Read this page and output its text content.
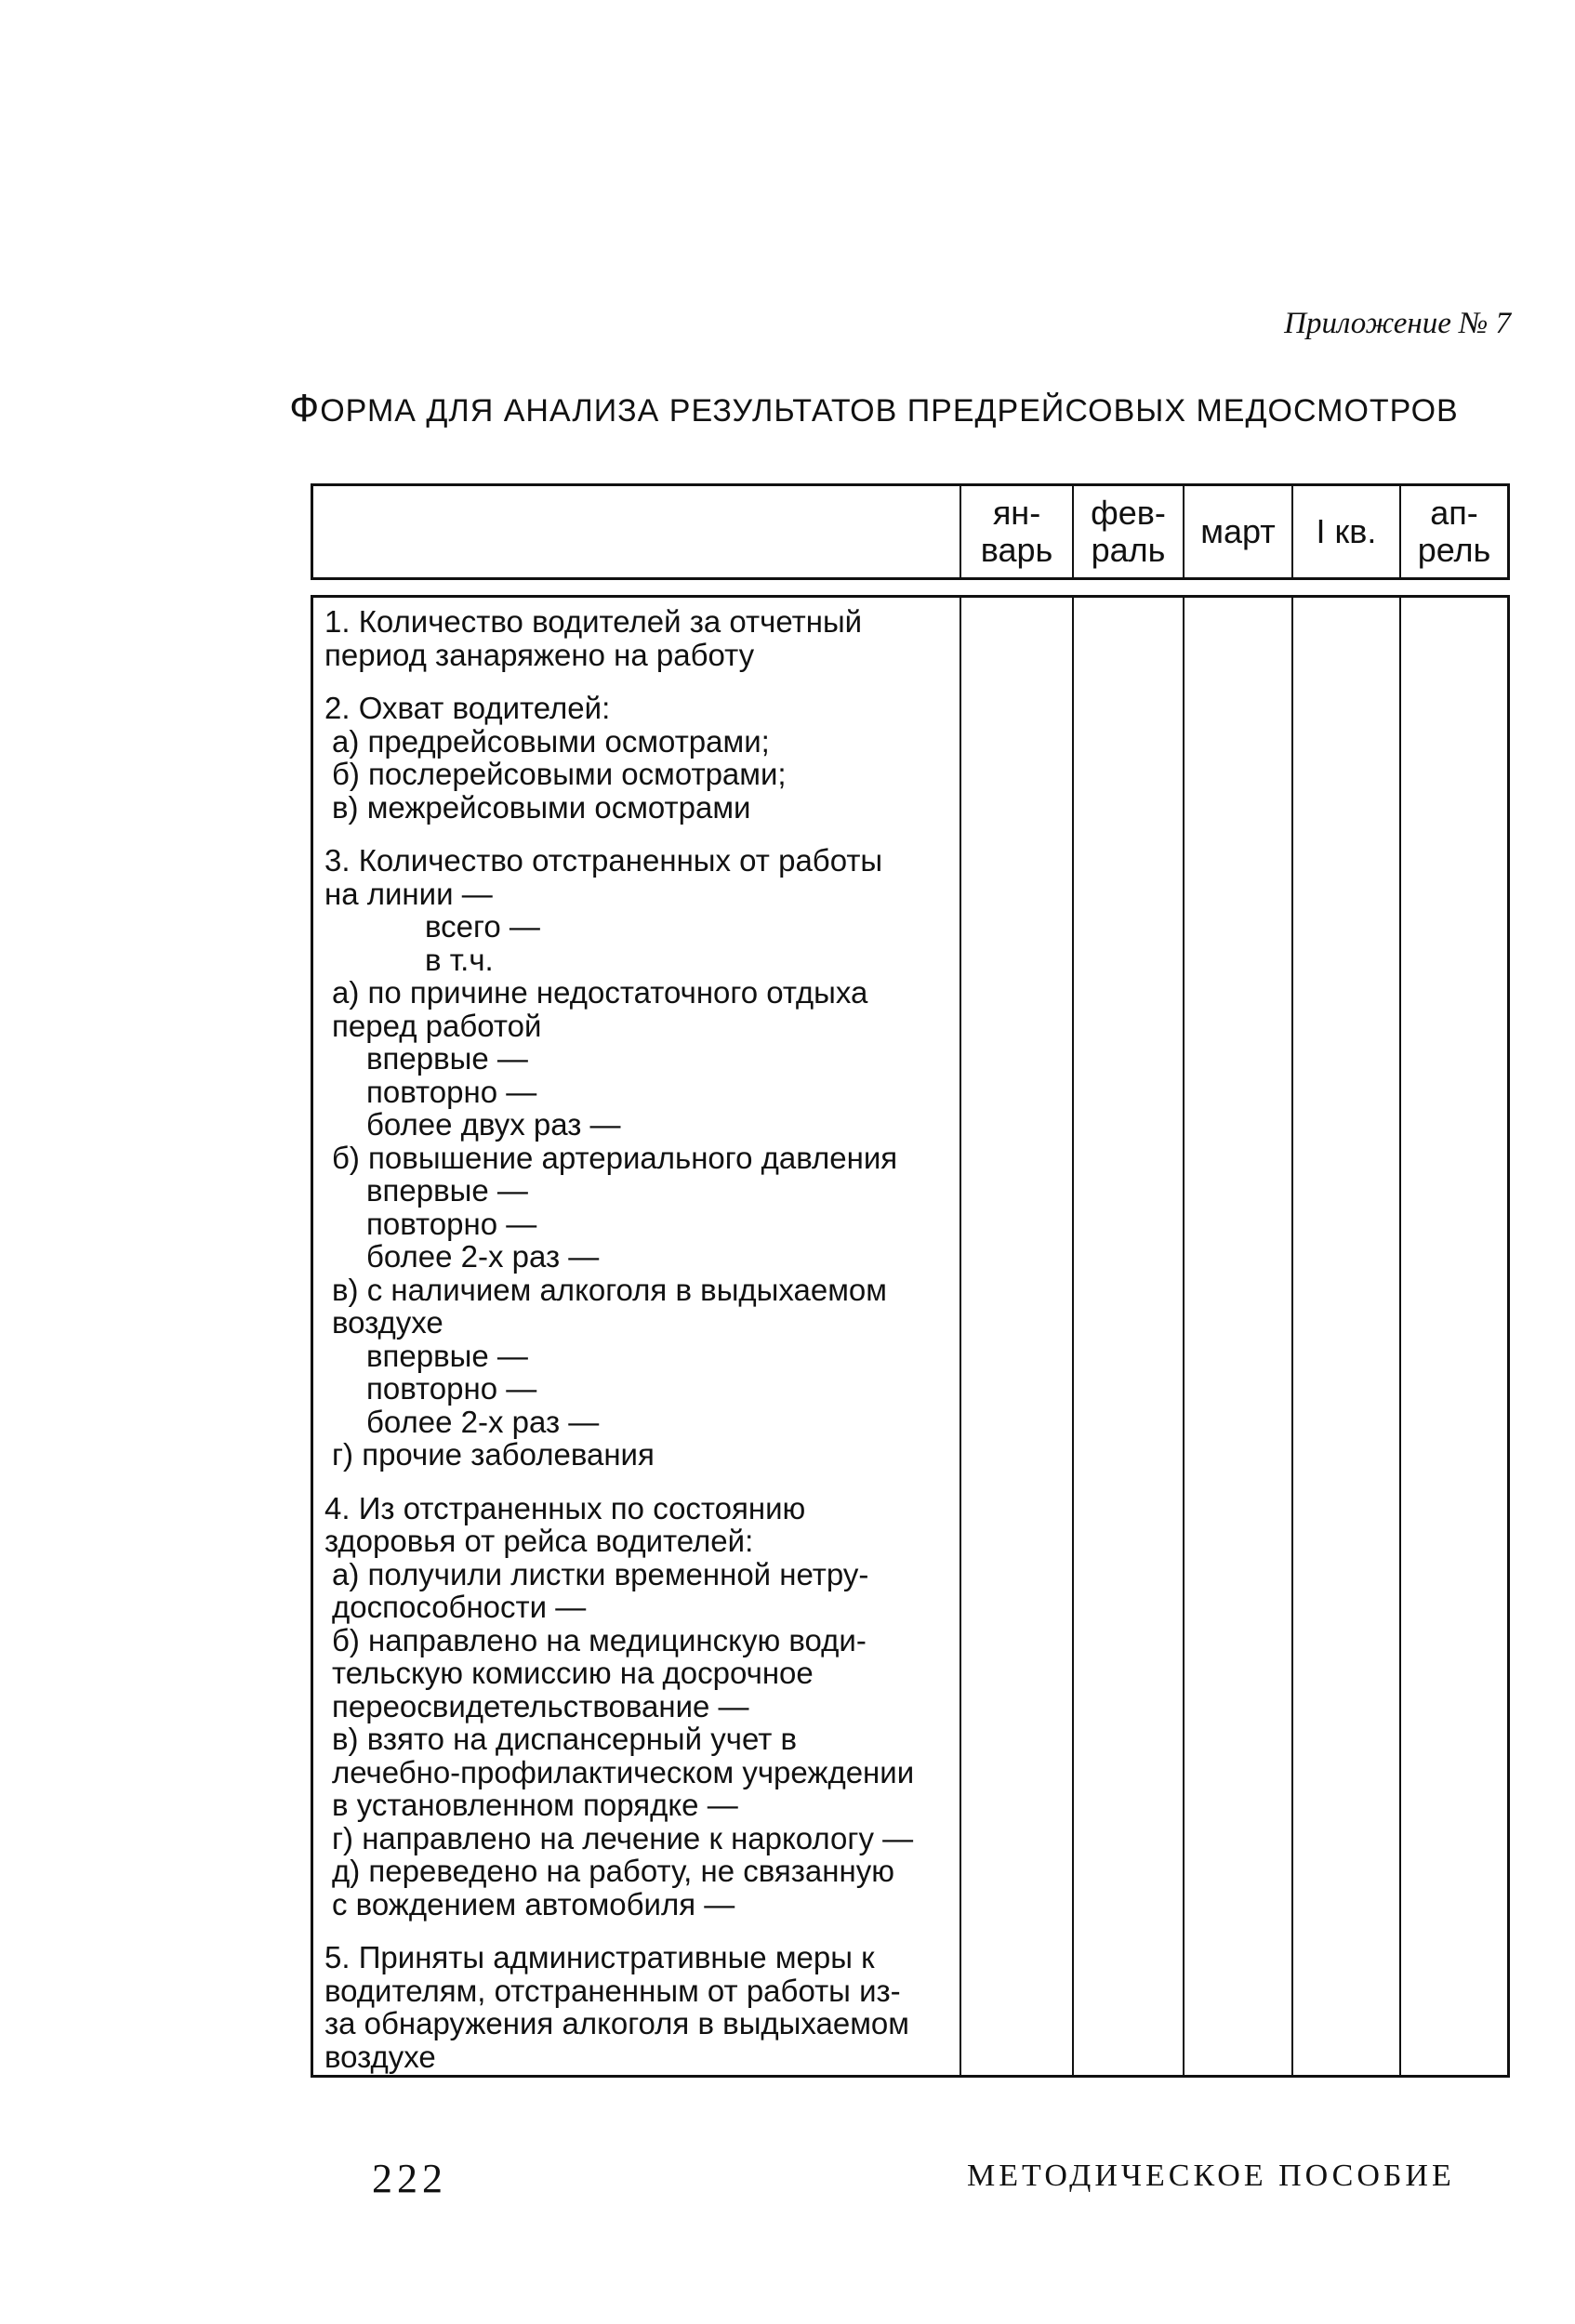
Приложение № 7
ФОРМА ДЛЯ АНАЛИЗА РЕЗУЛЬТАТОВ ПРЕДРЕЙСОВЫХ МЕДОСМОТРОВ
ян-
варь
фев-
раль март I кв. ап-
рель
1. Количество водителей за отчетный
период занаряжено на работу
2. Охват водителей:
а) предрейсовыми осмотрами;
б) послерейсовыми осмотрами;
в) межрейсовыми осмотрами
3. Количество отстраненных от работы
на линии —
всего —
в т.ч.
а) по причине недостаточного отдыха
перед работой
впервые —
повторно —
более двух раз —
б) повышение артериального давления
впервые —
повторно —
более 2-х раз —
в) с наличием алкоголя в выдыхаемом
воздухе
впервые —
повторно —
более 2-х раз —
г) прочие заболевания
4. Из отстраненных по состоянию
здоровья от рейса водителей:
а) получили листки временной нетру-
доспособности —
б) направлено на медицинскую води-
тельскую комиссию на досрочное
переосвидетельствование —
в) взято на диспансерный учет в
лечебно-профилактическом учреждении
в установленном порядке —
г) направлено на лечение к наркологу —
д) переведено на работу, не связанную
с вождением автомобиля —
5. Приняты административные меры к
водителям, отстраненным от работы из-
за обнаружения алкоголя в выдыхаемом
воздухе
222	МЕТОДИЧЕСКОЕ ПОСОБИЕ
